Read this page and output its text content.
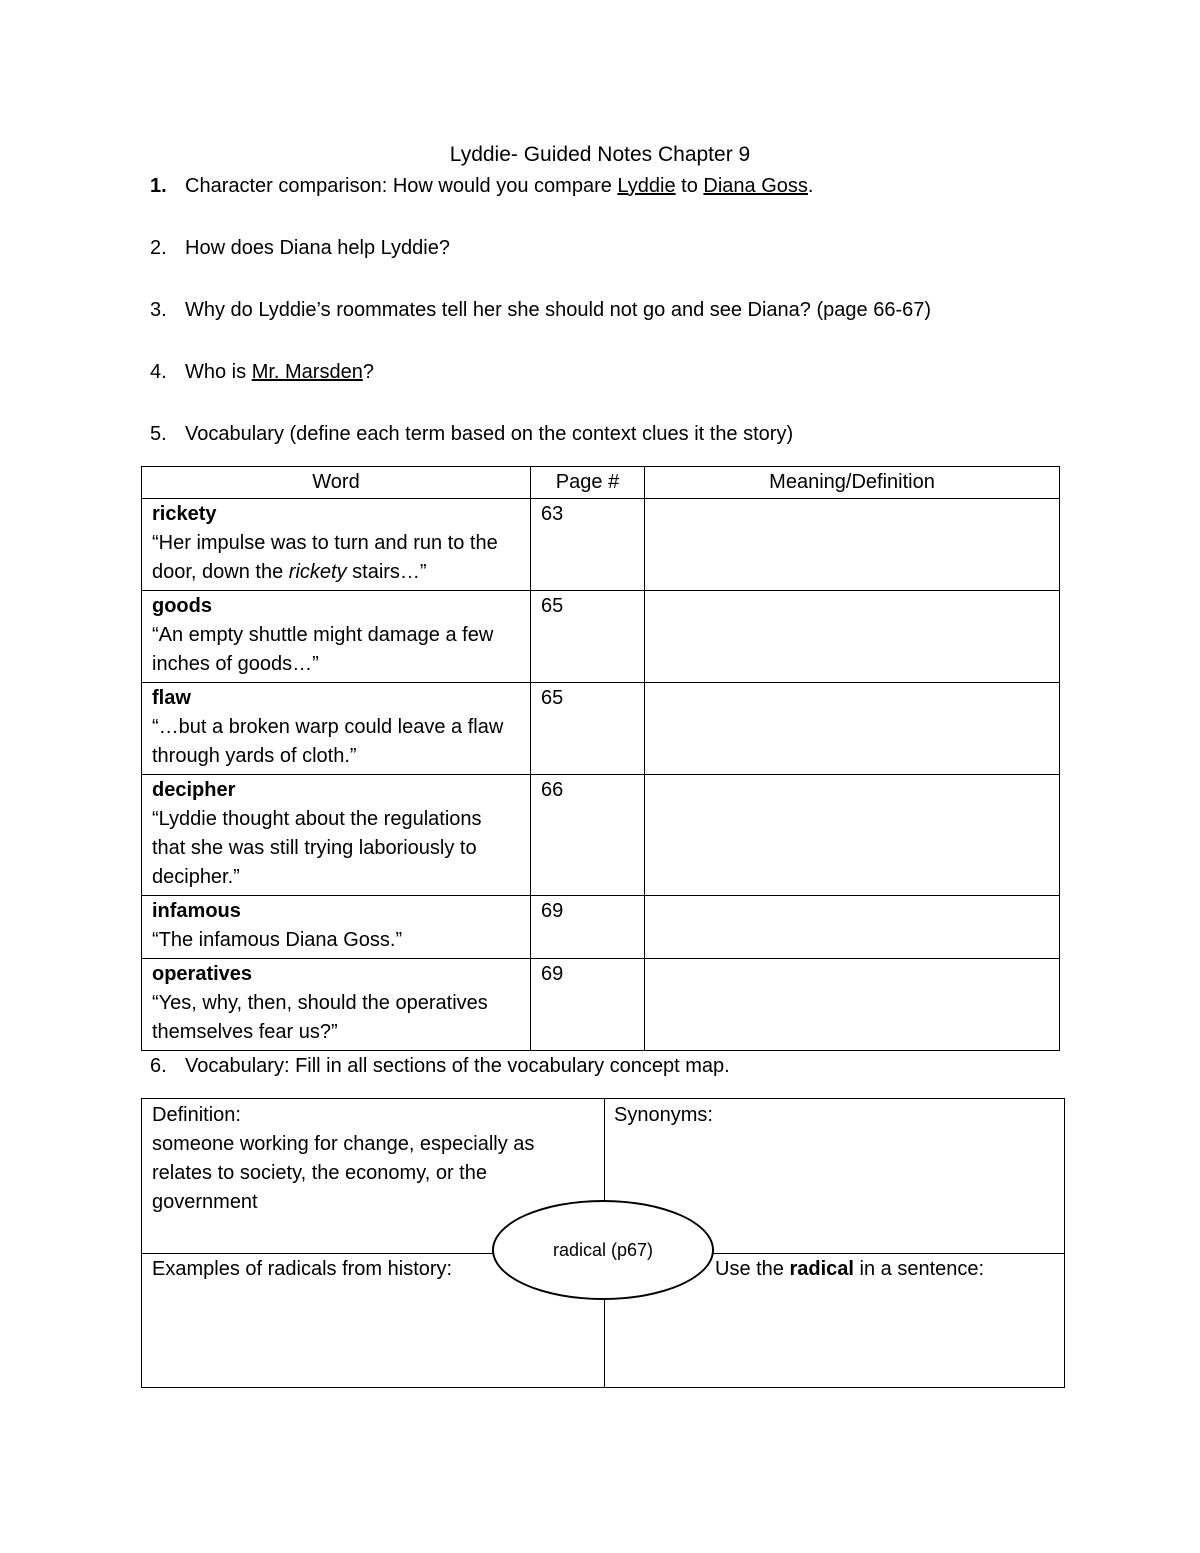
Lyddie- Guided Notes Chapter 9
1. Character comparison: How would you compare Lyddie to Diana Goss.
2. How does Diana help Lyddie?
3. Why do Lyddie’s roommates tell her she should not go and see Diana? (page 66-67)
4. Who is Mr. Marsden?
5. Vocabulary (define each term based on the context clues it the story)
Word	Page #	Meaning/Definition

rickety
“Her impulse was to turn and run to the door, down the rickety stairs…”	63	

goods
“An empty shuttle might damage a few inches of goods…”	65	

flaw
“…but a broken warp could leave a flaw through yards of cloth.”	65	

decipher
“Lyddie thought about the regulations that she was still trying laboriously to decipher.”	66	

infamous
“The infamous Diana Goss.”	69	

operatives
“Yes, why, then, should the operatives themselves fear us?”	69	
6. Vocabulary: Fill in all sections of the vocabulary concept map.
Definition:
someone working for change, especially as relates to society, the economy, or the government
Synonyms:
Examples of radicals from history:	Use the radical in a sentence:
radical (p67)
